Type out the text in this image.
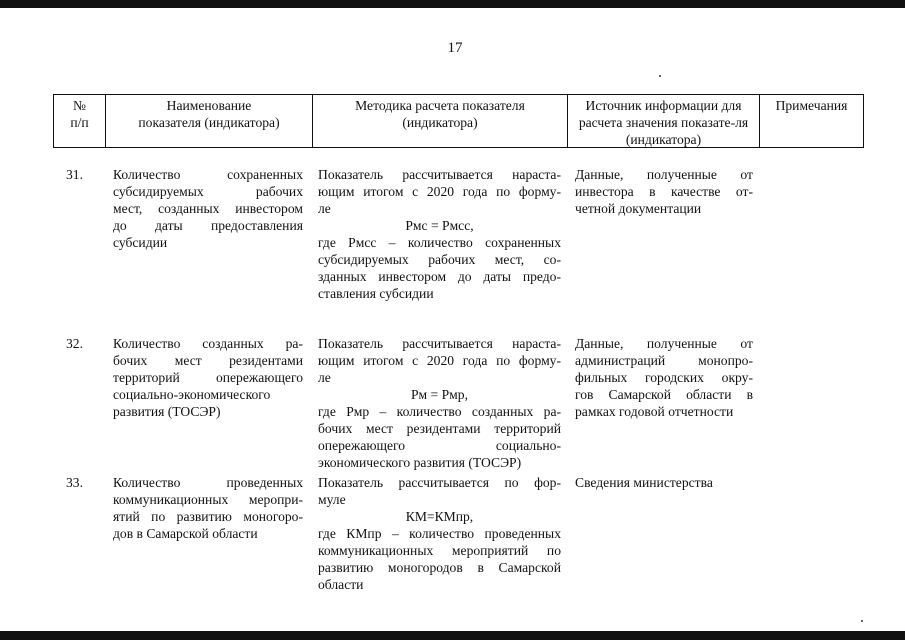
17
№ п/п
Наименование показателя (индикатора)
Методика расчета показателя (индикатора)
Источник информации для расчета значения показате-ля (индикатора)
Примечания
31. Количество сохраненных
субсидируемых рабочих
мест, созданных инвестором
до даты предоставления
субсидии
Показатель рассчитывается нараста-
ющим итогом с 2020 года по форму-
ле
Рмс = Рмсс,
где Рмсс – количество сохраненных
субсидируемых рабочих мест, со-
зданных инвестором до даты предо-
ставления субсидии
Данные, полученные от
инвестора в качестве от-
четной документации
32. Количество созданных ра-
бочих мест резидентами
территорий опережающего
социально-экономического
развития (ТОСЭР)
Показатель рассчитывается нараста-
ющим итогом с 2020 года по форму-
ле
Рм = Рмр,
где Рмр – количество созданных ра-
бочих мест резидентами территорий
опережающего социально-
экономического развития (ТОСЭР)
Данные, полученные от
администраций монопро-
фильных городских окру-
гов Самарской области в
рамках годовой отчетности
33. Количество проведенных
коммуникационных меропри-
ятий по развитию моногоро-
дов в Самарской области
Показатель рассчитывается по фор-
муле
КМ=КМпр,
где КМпр – количество проведенных
коммуникационных мероприятий по
развитию моногородов в Самарской
области
Сведения министерства
